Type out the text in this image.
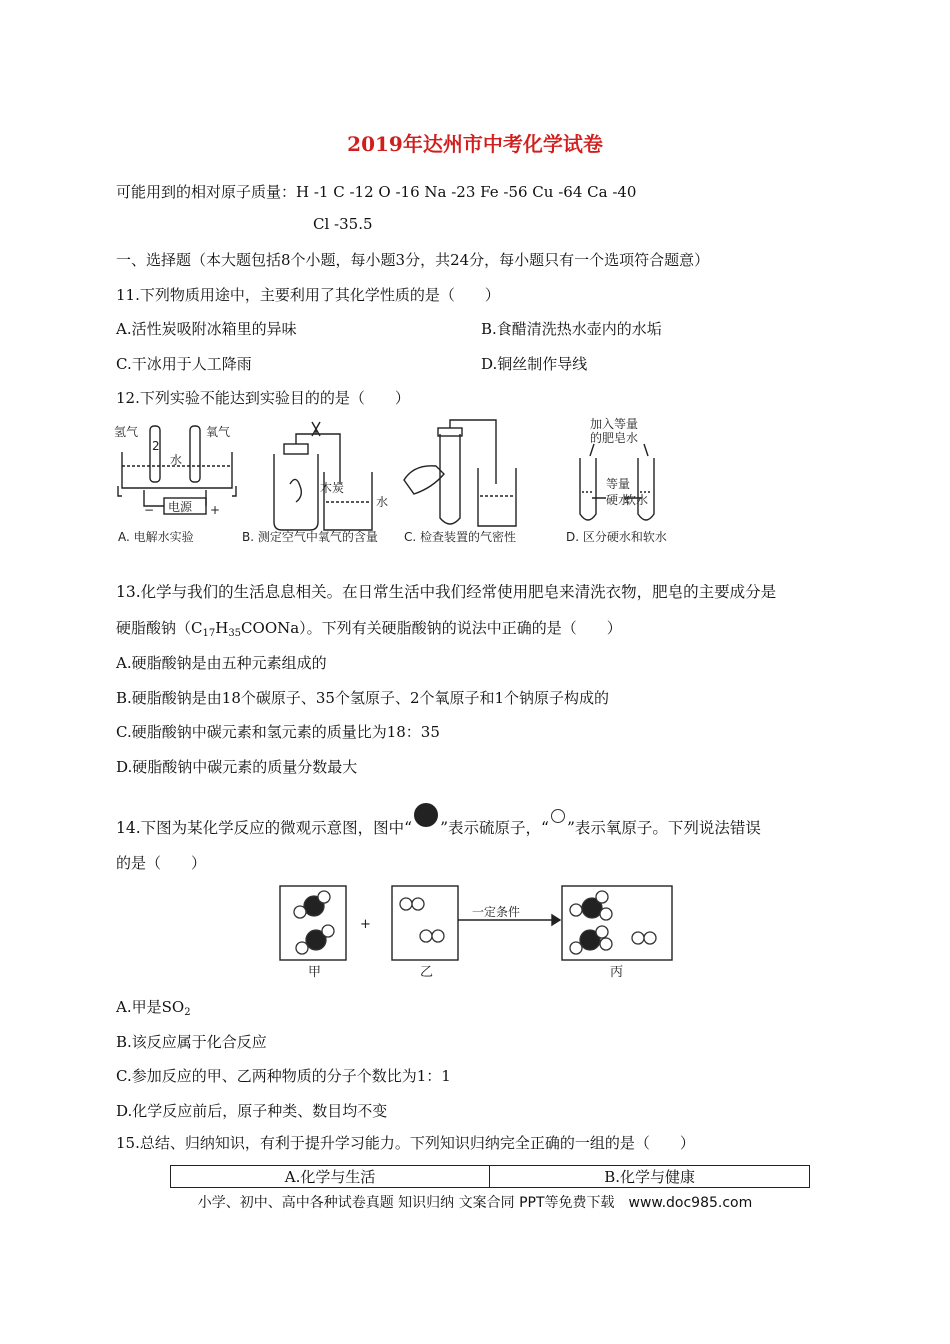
2019年达州市中考化学试卷
可能用到的相对原子质量：H -1 C -12 O -16 Na -23 Fe -56 Cu -64 Ca -40
Cl -35.5
一、选择题（本大题包括8个小题，每小题3分，共24分，每小题只有一个选项符合题意）
11.下列物质用途中，主要利用了其化学性质的是（　　）
A.活性炭吸附冰箱里的异味	B.食醋清洗热水壶内的水垢
C.干冰用于人工降雨	D.铜丝制作导线
12.下列实验不能达到实验目的的是（　　）
氢气	氧气
2
水
电源
−	+
木炭
水
加入等量
的肥皂水
等量
硬水
软水
A. 电解水实验	B. 测定空气中氧气的含量 C. 检查装置的气密性	D. 区分硬水和软水
13.化学与我们的生活息息相关。在日常生活中我们经常使用肥皂来清洗衣物，肥皂的主要成分是
硬脂酸钠$(C_{17}H_{35}COONa)$。下列有关硬脂酸钠的说法中正确的是（　　）
A.硬脂酸钠是由五种元素组成的
B.硬脂酸钠是由18个碳原子、35个氢原子、2个氧原子和1个钠原子构成的
C.硬脂酸钠中碳元素和氢元素的质量比为18：35
D.硬脂酸钠中碳元素的质量分数最大
14.下图为某化学反应的微观示意图，图中“ ”表示硫原子，“ ”表示氧原子。下列说法错误
的是（　　）
+
一定条件
甲	乙	丙
A.甲是$SO_2$
B.该反应属于化合反应
C.参加反应的甲、乙两种物质的分子个数比为1：1
D.化学反应前后，原子种类、数目均不变
15.总结、归纳知识，有利于提升学习能力。下列知识归纳完全正确的一组的是（　　）
A.化学与生活	B.化学与健康
小学、初中、高中各种试卷真题 知识归纳 文案合同 PPT等免费下载　www.doc985.com
